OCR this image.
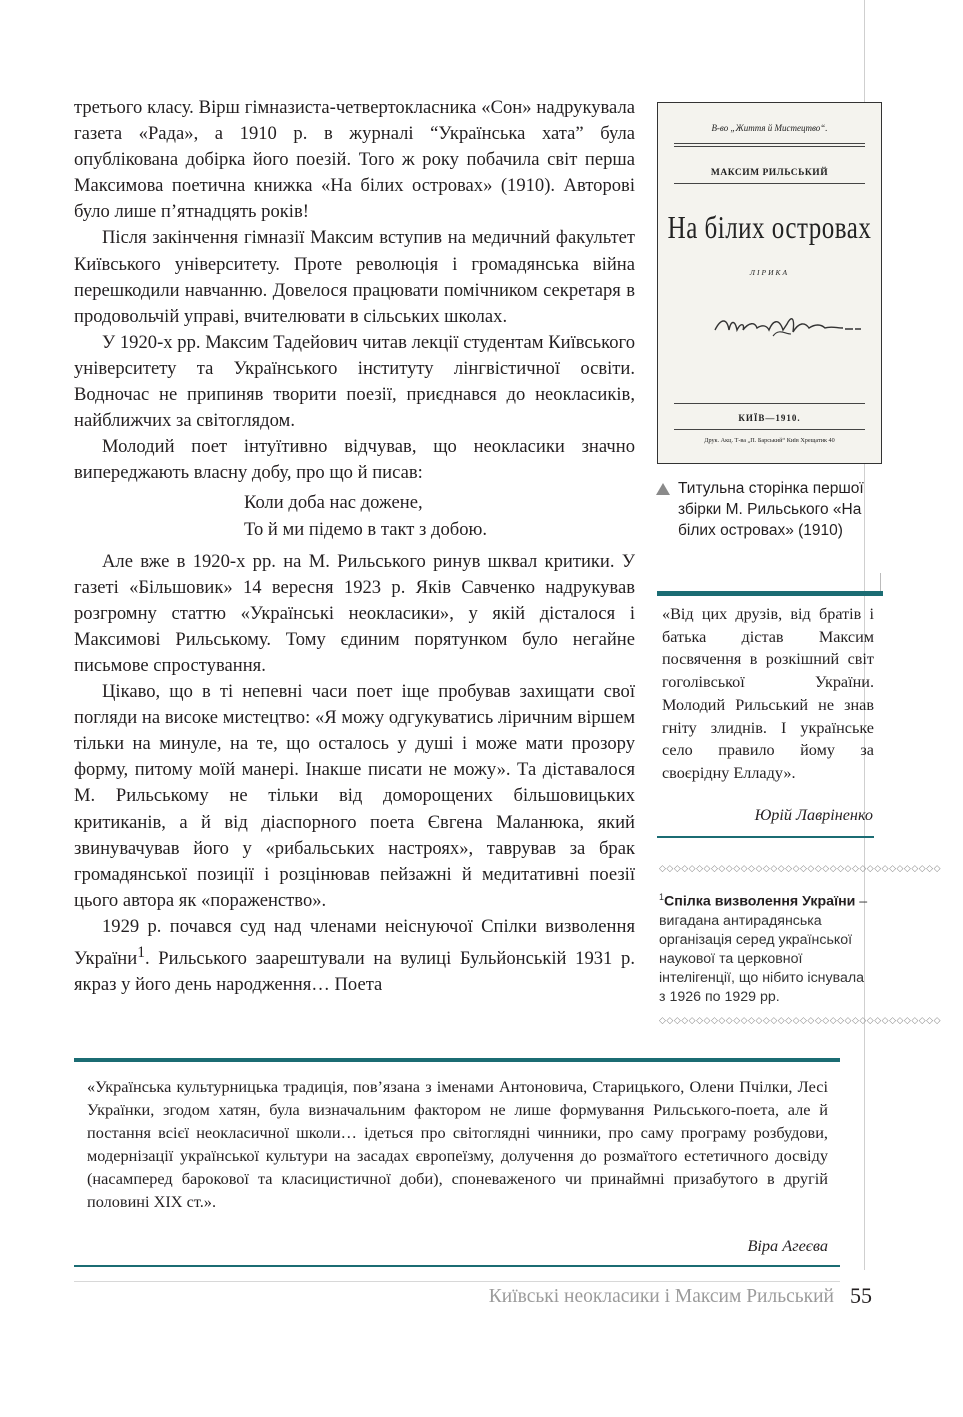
третього класу. Вірш гімназиста-четвертокласника «Сон» надрукувала газета «Рада», а 1910 р. в журналі “Українська хата” була опублікована добірка його поезій. Того ж року побачила світ перша Максимова поетична книжка «На білих островах» (1910). Авторові було лише п’ятнадцять років!

Після закінчення гімназії Максим вступив на медичний факультет Київського університету. Проте революція і громадянська війна перешкодили навчанню. Довелося працювати помічником секретаря в продовольчій управі, вчителювати в сільських школах.

У 1920-х рр. Максим Тадейович читав лекції студентам Київського університету та Українського інституту лінгвістичної освіти. Водночас не припиняв творити поезії, приєднався до неокласиків, найближчих за світоглядом.

Молодий поет інтуїтивно відчував, що неокласики значно випереджають власну добу, про що й писав:

Коли доба нас дожене,
То й ми підемо в такт з добою.

Але вже в 1920-х рр. на М. Рильського ринув шквал критики. У газеті «Більшовик» 14 вересня 1923 р. Яків Савченко надрукував розгромну статтю «Українські неокласики», у якій дісталося і Максимові Рильському. Тому єдиним порятунком було негайне письмове спростування.

Цікаво, що в ті непевні часи поет іще пробував захищати свої погляди на високе мистецтво: «Я можу одгукуватись ліричним віршем тільки на минуле, на те, що осталось у душі і може мати прозору форму, питому моїй манері. Інакше писати не можу». Та діставалося М. Рильському не тільки від доморощених більшовицьких критиканів, а й від діаспорного поета Євгена Маланюка, який звинувачував його у «рибальських настроях», таврував за брак громадянської позиції і розцінював пейзажні й медитативні поезії цього автора як «пораженство».

1929 р. почався суд над членами неіснуючої Спілки визволення України$^1$. Рильського заарештували на вулиці Бульйонській 1931 р. якраз у його день народження… Поета

В-во „Життя й Мистецтво“.
МАКСИМ РИЛЬСЬКИЙ
На білих островах
ЛІРИКА
КИЇВ—1910.
Друк. Акц. Т-ва „П. Барський“ Київ Хрещатик 40
Титульна сторінка першої збірки М. Рильського «На білих островах» (1910)
«Від цих друзів, від братів і батька дістав Максим посвячення в розкішний світ гоголівської України. Молодий Рильський не знав гніту злиднів. І українське село правило йому за своєрідну Елладу».
Юрій Лавріненко
◇◇◇◇◇◇◇◇◇◇◇◇◇◇◇◇◇◇◇◇◇◇◇◇◇◇◇◇◇◇◇◇◇◇◇◇◇◇
$^1$Спілка визволення України – вигадана антирадянська організація серед української наукової та церковної інтелігенції, що нібито існувала з 1926 по 1929 рр.
◇◇◇◇◇◇◇◇◇◇◇◇◇◇◇◇◇◇◇◇◇◇◇◇◇◇◇◇◇◇◇◇◇◇◇◇◇◇
«Українська культурницька традиція, пов’язана з іменами Антоновича, Старицького, Олени Пчілки, Лесі Українки, згодом хатян, була визначальним фактором не лише формування Рильського-поета, але й постання всієї неокласичної школи… ідеться про світоглядні чинники, про саму програму розбудови, модернізації української культури на засадах європеїзму, долучення до розмаїтого естетичного досвіду (насамперед барокової та класицистичної доби), споневаженого чи принаймні призабутого в другій половині XIX ст.».
Віра Агеєва
Київські неокласики і Максим Рильський 55
